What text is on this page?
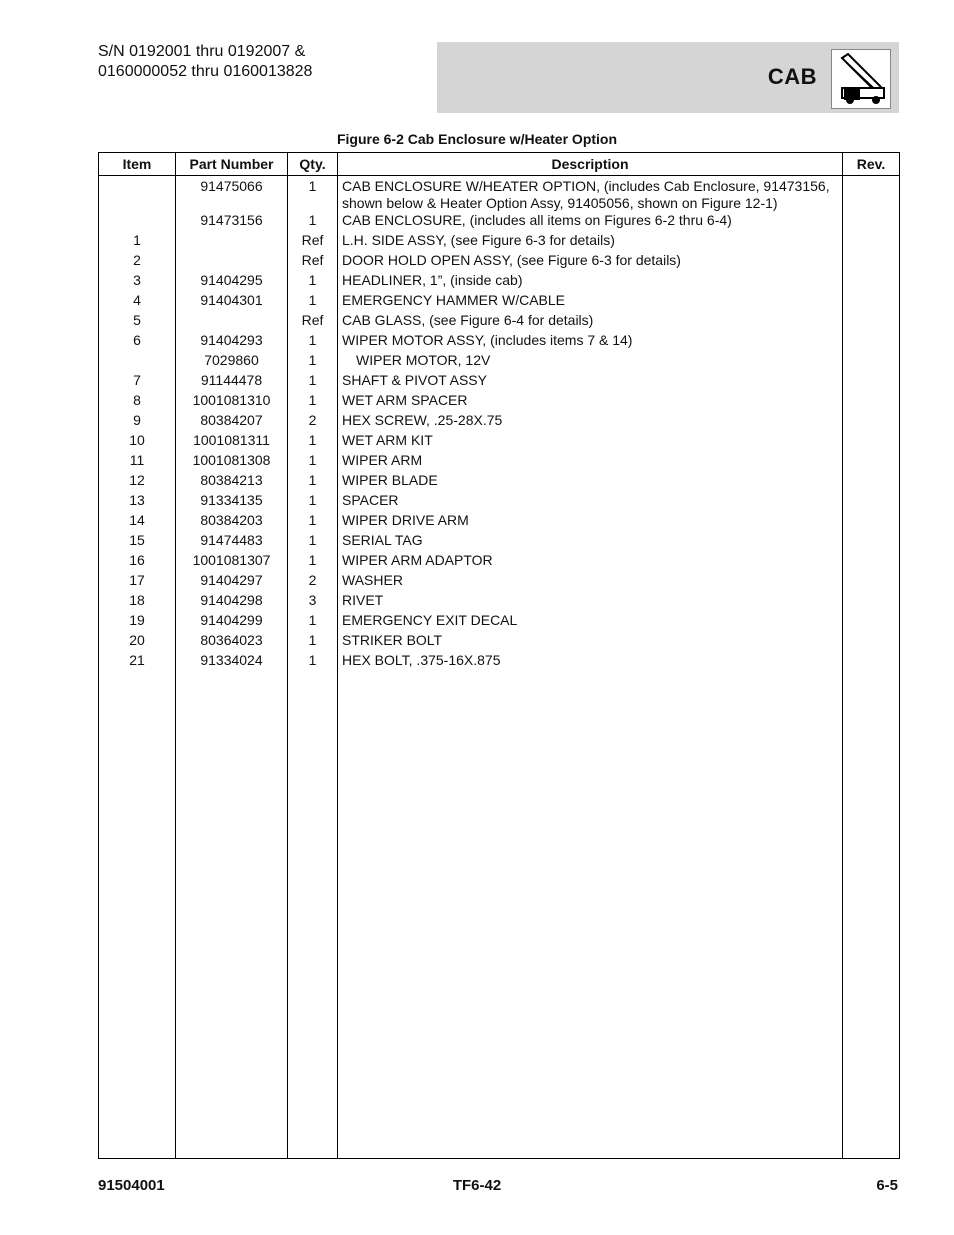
S/N 0192001 thru 0192007 &
0160000052 thru 0160013828	CAB
Figure 6-2 Cab Enclosure w/Heater Option
Item	Part Number	Qty.	Description	Rev.
	91475066	1	CAB ENCLOSURE W/HEATER OPTION, (includes Cab Enclosure, 91473156,
shown below & Heater Option Assy, 91405056, shown on Figure 12-1)	

	91473156	1	CAB ENCLOSURE, (includes all items on Figures 6-2 thru 6-4)	
1		Ref	L.H. SIDE ASSY, (see Figure 6-3 for details)	
2		Ref	DOOR HOLD OPEN ASSY, (see Figure 6-3 for details)	
3	91404295	1	HEADLINER, 1”, (inside cab)	
4	91404301	1	EMERGENCY HAMMER W/CABLE	
5		Ref	CAB GLASS, (see Figure 6-4 for details)	
6	91404293	1	WIPER MOTOR ASSY, (includes items 7 & 14)	
	7029860	1	WIPER MOTOR, 12V	
7	91144478	1	SHAFT & PIVOT ASSY	
8	1001081310	1	WET ARM SPACER	
9	80384207	2	HEX SCREW, .25-28X.75	
10	1001081311	1	WET ARM KIT	
11	1001081308	1	WIPER ARM	
12	80384213	1	WIPER BLADE	
13	91334135	1	SPACER	
14	80384203	1	WIPER DRIVE ARM	
15	91474483	1	SERIAL TAG	
16	1001081307	1	WIPER ARM ADAPTOR	
17	91404297	2	WASHER	
18	91404298	3	RIVET	
19	91404299	1	EMERGENCY EXIT DECAL	
20	80364023	1	STRIKER BOLT	
21	91334024	1	HEX BOLT, .375-16X.875	

91504001	TF6-42	6-5
